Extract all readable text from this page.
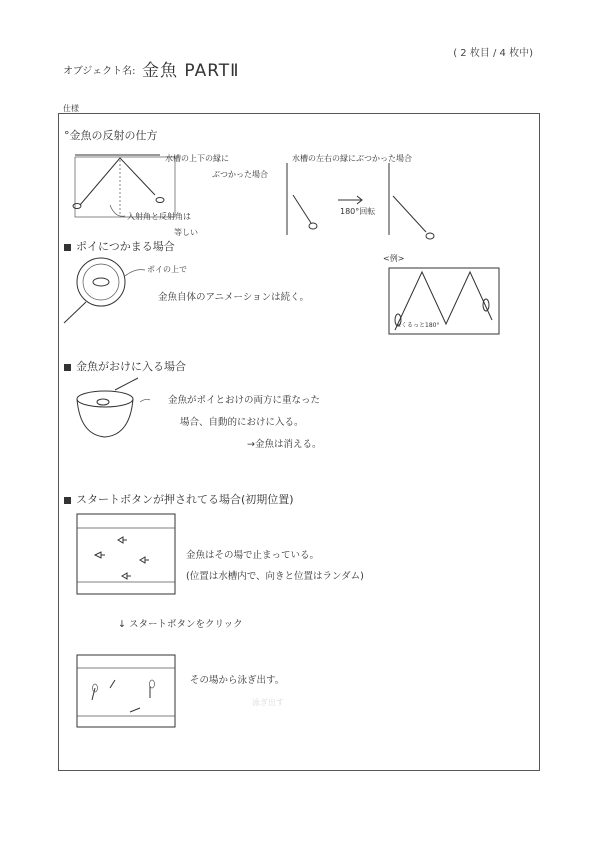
( 2 枚目 / 4 枚中)
オブジェクト名: 金魚 PARTⅡ
仕様
泳ぎ出す
°金魚の反射の仕方
水槽の上下の縁に
ぶつかった場合
水槽の左右の縁にぶつかった場合
180°回転
入射角と反射角は
等しい
ポイにつかまる場合
ポイの上で
金魚自体のアニメーションは続く。
<例>
<くるっと180°
金魚がおけに入る場合
金魚がポイとおけの両方に重なった
場合、自動的におけに入る。
→金魚は消える。
スタートボタンが押されてる場合(初期位置)
金魚はその場で止まっている。
(位置は水槽内で、向きと位置はランダム)
↓ スタートボタンをクリック
その場から泳ぎ出す。
